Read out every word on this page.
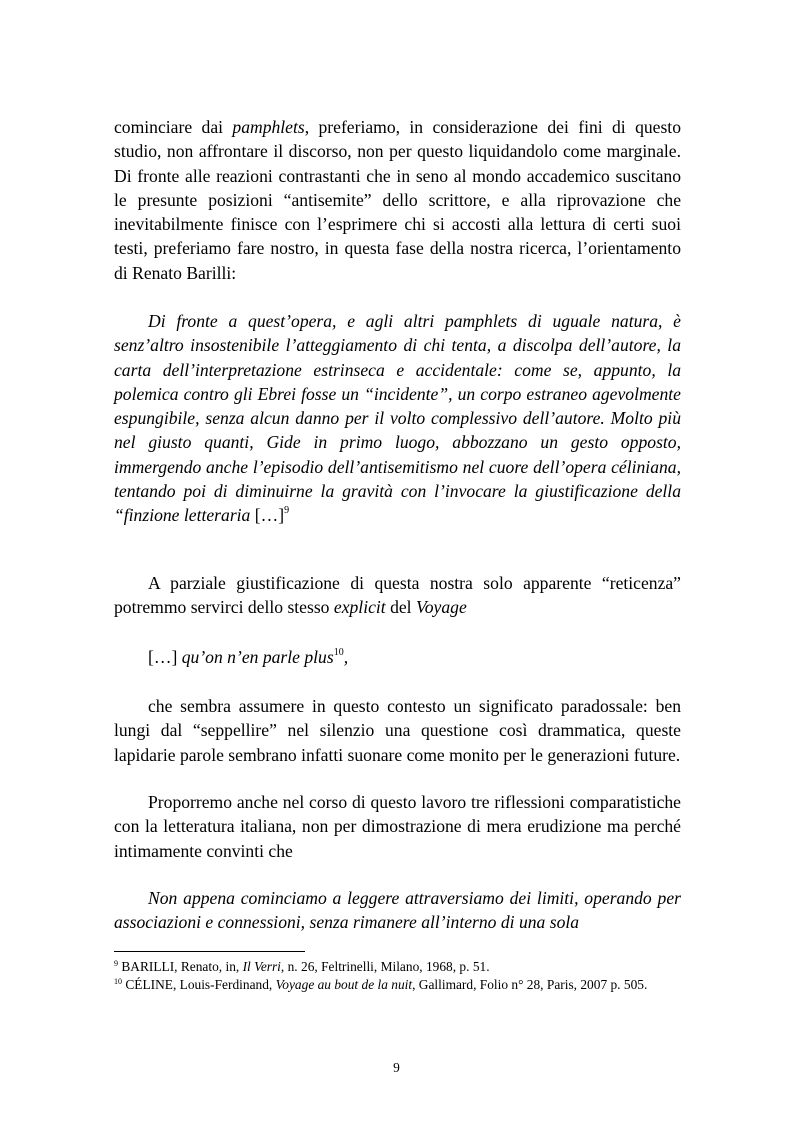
cominciare dai pamphlets, preferiamo, in considerazione dei fini di questo studio, non affrontare il discorso, non per questo liquidandolo come marginale. Di fronte alle reazioni contrastanti che in seno al mondo accademico suscitano le presunte posizioni “antisemite” dello scrittore, e alla riprovazione che inevitabilmente finisce con l’esprimere chi si accosti alla lettura di certi suoi testi, preferiamo fare nostro, in questa fase della nostra ricerca, l’orientamento di Renato Barilli:

Di fronte a quest’opera, e agli altri pamphlets di uguale natura, è senz’altro insostenibile l’atteggiamento di chi tenta, a discolpa dell’autore, la carta dell’interpretazione estrinseca e accidentale: come se, appunto, la polemica contro gli Ebrei fosse un “incidente”, un corpo estraneo agevolmente espungibile, senza alcun danno per il volto complessivo dell’autore. Molto più nel giusto quanti, Gide in primo luogo, abbozzano un gesto opposto, immergendo anche l’episodio dell’antisemitismo nel cuore dell’opera céliniana, tentando poi di diminuirne la gravità con l’invocare la giustificazione della “finzione letteraria […]$^9$

A parziale giustificazione di questa nostra solo apparente “reticenza” potremmo servirci dello stesso explicit del Voyage

[…] qu’on n’en parle plus$^{10}$,

che sembra assumere in questo contesto un significato paradossale: ben lungi dal “seppellire” nel silenzio una questione così drammatica, queste lapidarie parole sembrano infatti suonare come monito per le generazioni future.

Proporremo anche nel corso di questo lavoro tre riflessioni comparatistiche con la letteratura italiana, non per dimostrazione di mera erudizione ma perché intimamente convinti che

Non appena cominciamo a leggere attraversiamo dei limiti, operando per associazioni e connessioni, senza rimanere all’interno di una sola

$^9$ BARILLI, Renato, in, Il Verri, n. 26, Feltrinelli, Milano, 1968, p. 51.

$^{10}$ CÉLINE, Louis-Ferdinand, Voyage au bout de la nuit, Gallimard, Folio n° 28, Paris, 2007 p. 505.

9
